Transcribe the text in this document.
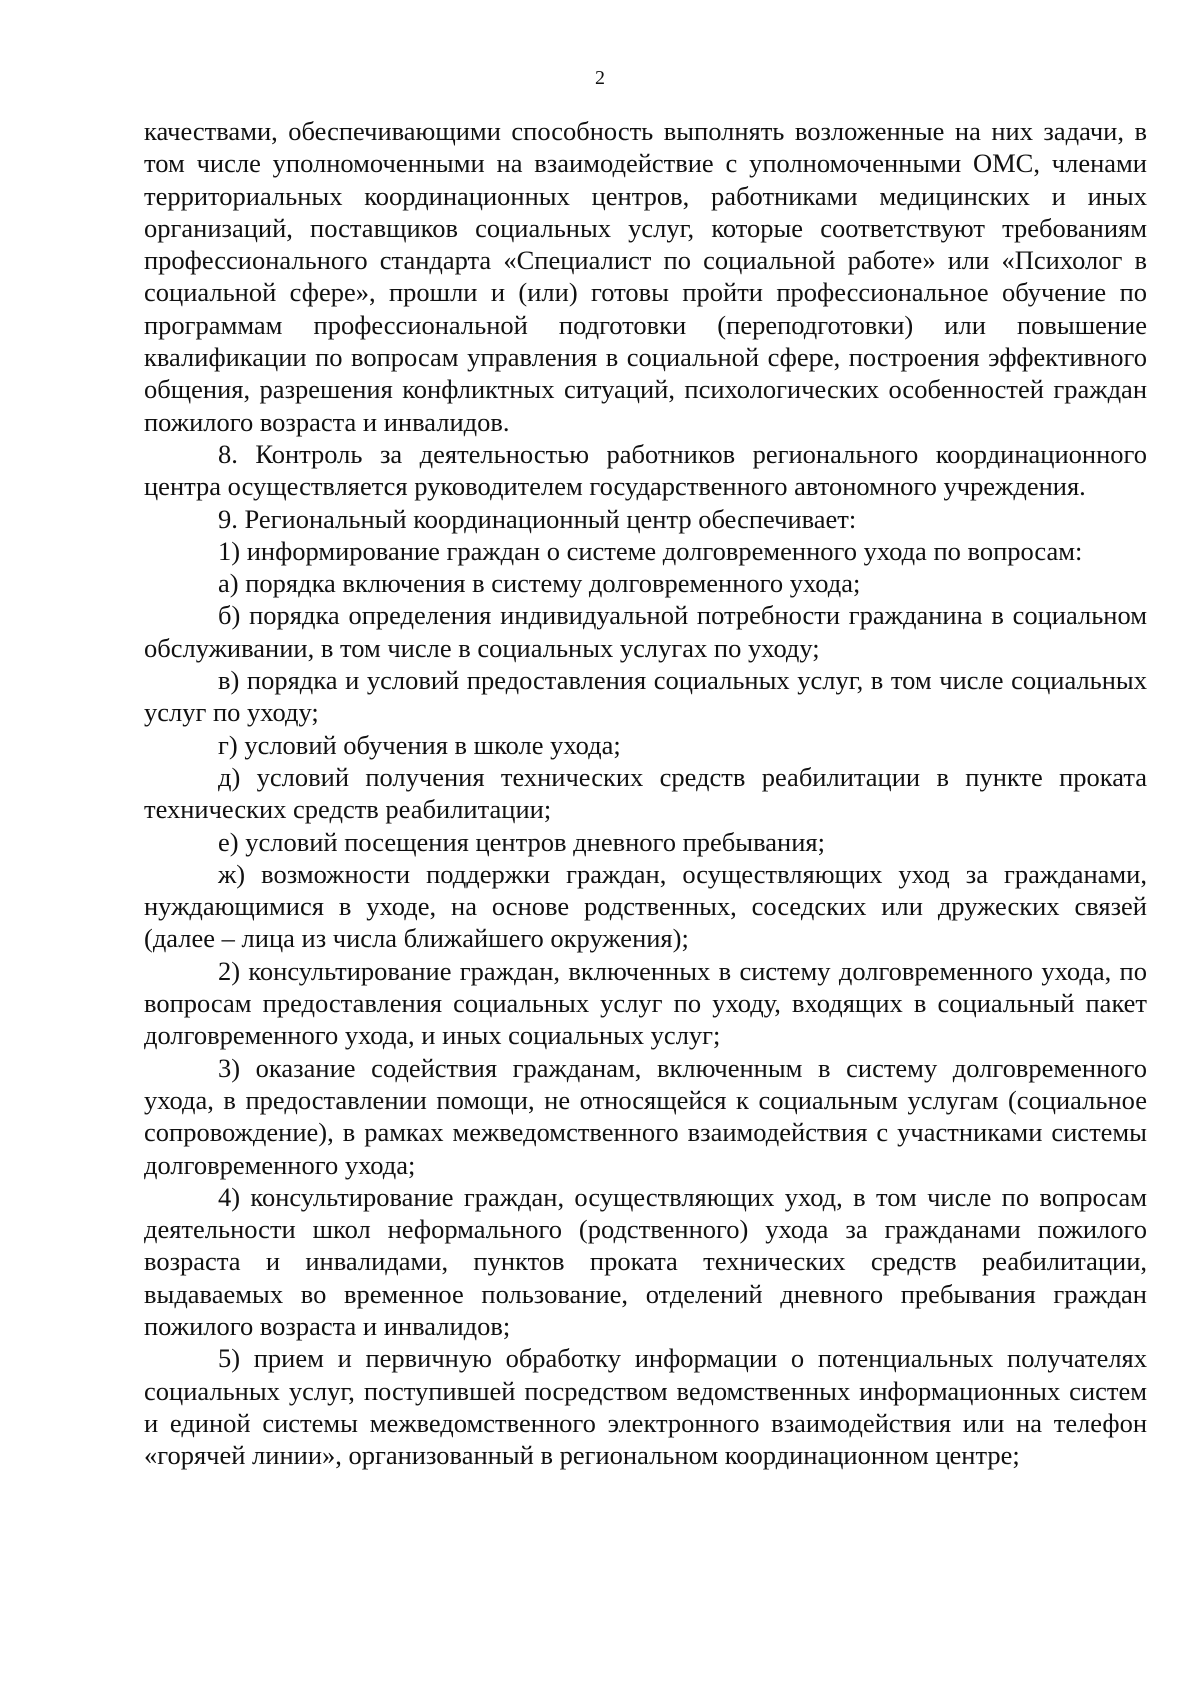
2

качествами, обеспечивающими способность выполнять возложенные на них задачи, в том числе уполномоченными на взаимодействие с уполномоченными ОМС, членами территориальных координационных центров, работниками медицинских и иных организаций, поставщиков социальных услуг, которые соответствуют требованиям профессионального стандарта «Специалист по социальной работе» или «Психолог в социальной сфере», прошли и (или) готовы пройти профессиональное обучение по программам профессиональной подготовки (переподготовки) или повышение квалификации по вопросам управления в социальной сфере, построения эффективного общения, разрешения конфликтных ситуаций, психологических особенностей граждан пожилого возраста и инвалидов.

8. Контроль за деятельностью работников регионального координационного центра осуществляется руководителем государственного автономного учреждения.

9. Региональный координационный центр обеспечивает:

1) информирование граждан о системе долговременного ухода по вопросам:

а) порядка включения в систему долговременного ухода;

б) порядка определения индивидуальной потребности гражданина в социальном обслуживании, в том числе в социальных услугах по уходу;

в) порядка и условий предоставления социальных услуг, в том числе социальных услуг по уходу;

г) условий обучения в школе ухода;

д) условий получения технических средств реабилитации в пункте проката технических средств реабилитации;

е) условий посещения центров дневного пребывания;

ж) возможности поддержки граждан, осуществляющих уход за гражданами, нуждающимися в уходе, на основе родственных, соседских или дружеских связей (далее – лица из числа ближайшего окружения);

2) консультирование граждан, включенных в систему долговременного ухода, по вопросам предоставления социальных услуг по уходу, входящих в социальный пакет долговременного ухода, и иных социальных услуг;

3) оказание содействия гражданам, включенным в систему долговременного ухода, в предоставлении помощи, не относящейся к социальным услугам (социальное сопровождение), в рамках межведомственного взаимодействия с участниками системы долговременного ухода;

4) консультирование граждан, осуществляющих уход, в том числе по вопросам деятельности школ неформального (родственного) ухода за гражданами пожилого возраста и инвалидами, пунктов проката технических средств реабилитации, выдаваемых во временное пользование, отделений дневного пребывания граждан пожилого возраста и инвалидов;

5) прием и первичную обработку информации о потенциальных получателях социальных услуг, поступившей посредством ведомственных информационных систем и единой системы межведомственного электронного взаимодействия или на телефон «горячей линии», организованный в региональном координационном центре;
